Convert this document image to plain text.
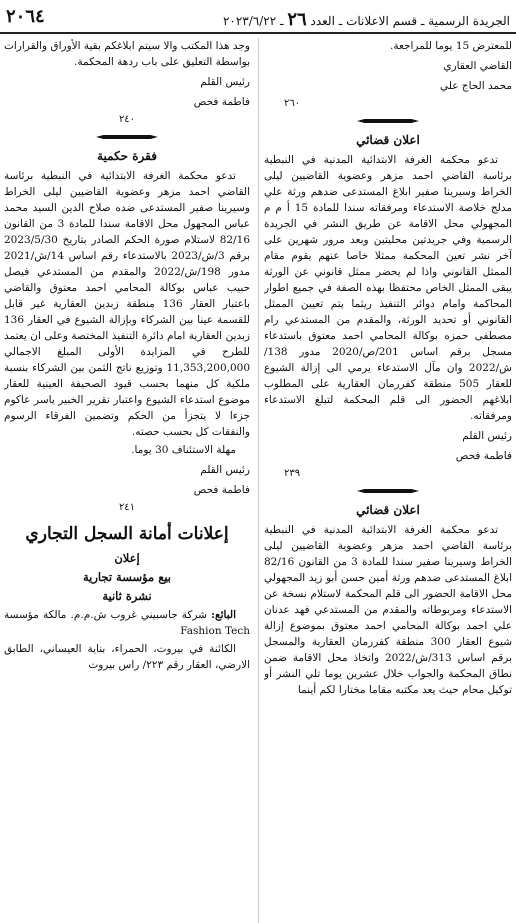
٢٠٦٤	الجريدة الرسمية ـ قسم الاعلانات ـ العدد ٢٦ ـ ٢٠٢٣/٦/٢٢

للمعترض 15 يوما للمراجعة.

القاضي العقاري

محمد الحاج علي

٢٦٠

اعلان قضائي

تدعو محكمة الغرفة الابتدائية المدنية في النبطية برئاسة القاضي احمد مزهر وعضوية القاضيين ليلى الخراط وسيرينا صفير ابلاغ المستدعى ضدهم ورثة علي مدلج خلاصة الاستدعاء ومرفقاته سندا للمادة 15 أ م م المجهولي محل الاقامة عن طريق النشر في الجريدة الرسمية وفي جريدتين محليتين وبعد مرور شهرين على آخر نشر تعين المحكمة ممثلا خاصا عنهم يقوم مقام الممثل القانوني واذا لم يحضر ممثل قانوني عن الورثة يبقى الممثل الخاص محتفظا بهذه الصفة في جميع اطوار المحاكمة وامام دوائر التنفيذ ريثما يتم تعيين الممثل القانوني أو تحديد الورثة، والمقدم من المستدعي رام مصطفى حمزه بوكالة المحامي احمد معتوق باستدعاء مسجل برقم اساس 201/ص/2020 مدور 138/ش/2022 وان مآل الاستدعاء يرمي الى إزالة الشيوع للعقار 505 منطقة كفررمان العقارية على المطلوب ابلاغهم الحضور الى قلم المحكمة لتبلغ الاستدعاء ومرفقاته.

رئيس القلم

فاطمة فحص

٢٣٩

اعلان قضائي

تدعو محكمة الغرفة الابتدائية المدنية في النبطية برئاسة القاضي احمد مزهر وعضوية القاضيين ليلى الخراط وسيرينا صفير سندا للمادة 3 من القانون 82/16 ابلاغ المستدعى ضدهم ورثة أمين حسن أبو زيد المجهولي محل الاقامة الحضور الى قلم المحكمة لاستلام نسخة عن الاستدعاء ومربوطاته والمقدم من المستدعي فهد عدنان علي احمد بوكالة المحامي احمد معتوق بموضوع إزالة شيوع العقار 300 منطقة كفررمان العقارية والمسجل برقم اساس 313/ش/2022 واتخاذ محل الاقامة ضمن نطاق المحكمة والجواب خلال عشرين يوما تلي النشر أو توكيل محام حيث يعد مكتبه مقاما مختارا لكم أينما

وجد هذا المكتب والا سيتم ابلاغكم بقية الأوراق والقرارات بواسطة التعليق على باب ردهة المحكمة.

رئيس القلم

فاطمة فحص

٢٤٠

فقرة حكمية

تدعو محكمة الغرفة الابتدائية في النبطية برئاسة القاضي احمد مزهر وعضوية القاضيين ليلى الخراط وسيرينا صفير المستدعى ضده صلاح الدين السيد محمد عباس المجهول محل الاقامة سندا للمادة 3 من القانون 82/16 لاستلام صورة الحكم الصادر بتاريخ 2023/5/30 برقم 3/ش/2023 بالاستدعاء رقم اساس 14/ش/2021 مدور 198/ش/2022 والمقدم من المستدعي فيصل حبيب عباس بوكالة المحامي احمد معتوق والقاضي باعتبار العقار 136 منطقة زبدين العقارية غير قابل للقسمة عينا بين الشركاء وبإزالة الشيوع في العقار 136 زبدين العقارية امام دائرة التنفيذ المختصة وعلى ان يعتمد للطرح في المزايدة الأولى المبلغ الاجمالي 11,353,200,000 وتوزيع ناتج الثمن بين الشركاء بنسبة ملكية كل منهما بحسب قيود الصحيفة العينية للعقار موضوع استدعاء الشيوع واعتبار تقرير الخبير ياسر عاكوم جزءا لا يتجزأ من الحكم وتضمين الفرقاء الرسوم والنفقات كل بحسب حصته.

مهلة الاستئناف 30 يوما.

رئيس القلم

فاطمة فحص

٢٤١

إعلانات أمانة السجل التجاري
إعلان
بيع مؤسسة تجارية
نشرة ثانية

البائع: شركة جاسبيني غروب ش.م.م. مالكة مؤسسة Fashion Tech

الكائنة في بيروت، الحمراء، بناية العيساني، الطابق الارضي، العقار رقم ٢٢٣/ راس بيروت
